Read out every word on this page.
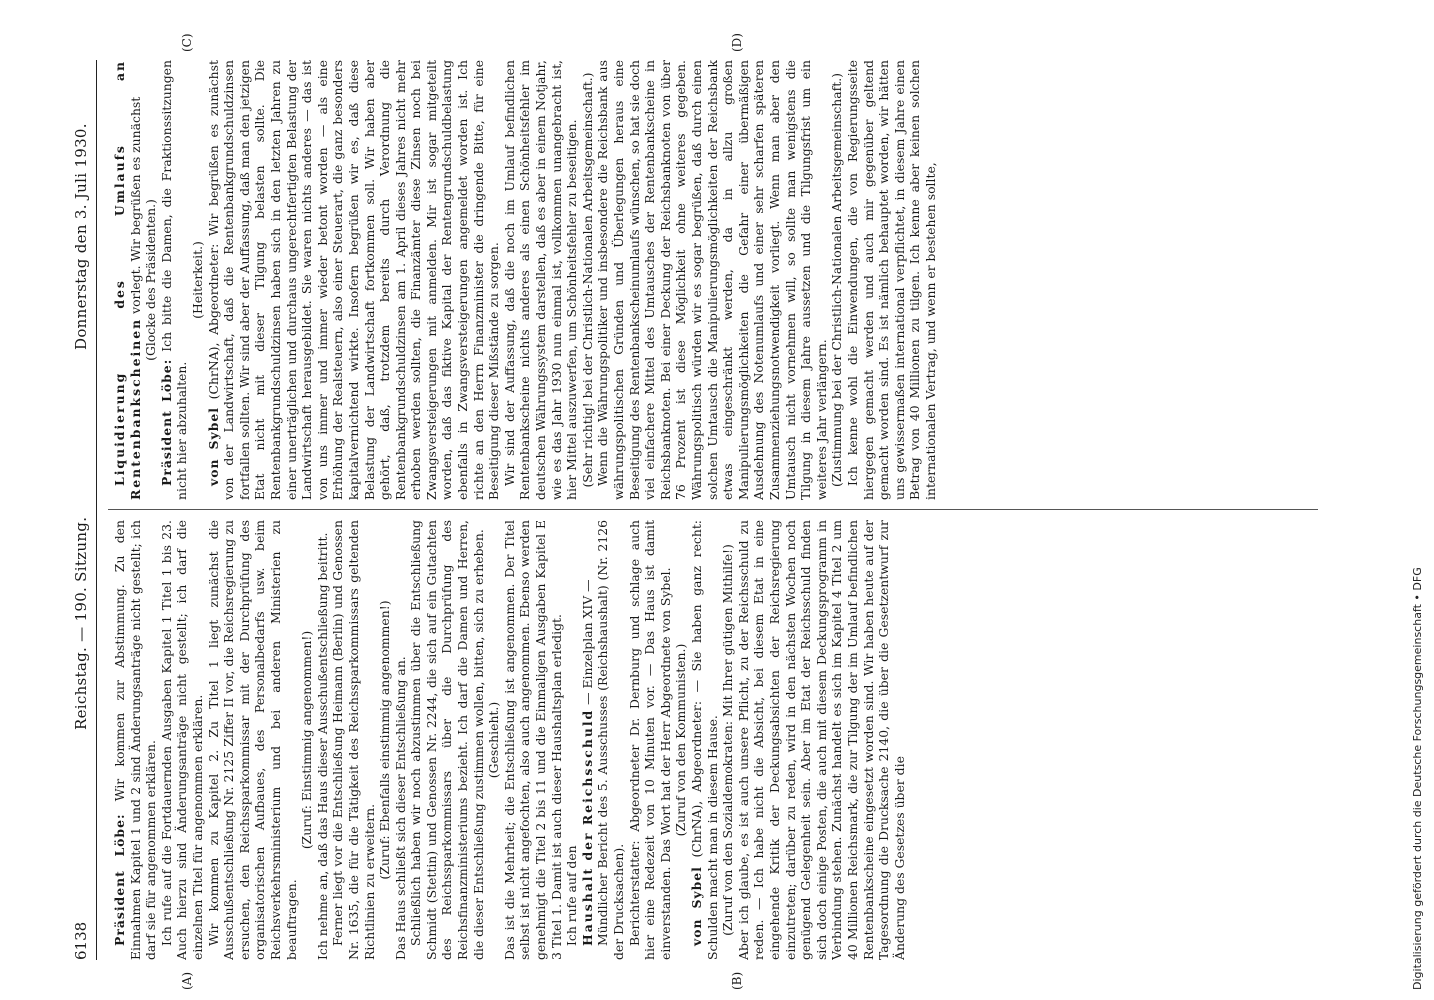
6138
Reichstag. — 190. Sitzung.
Donnerstag den 3. Juli 1930.
(A)	(B)
(C)	(D)

Präsident Löbe: Wir kommen zur Abstimmung. Zu den Einnahmen Kapitel 1 und 2 sind Änderungsanträge nicht gestellt; ich darf sie für angenommen erklären. Ich rufe auf die Fortdauernden Ausgaben Kapitel 1 Titel 1 bis 23. Auch hierzu sind Änderungsanträge nicht gestellt; ich darf die einzelnen Titel für angenommen erklären. Wir kommen zu Kapitel 2. Zu Titel 1 liegt zunächst die Ausschußentschließung Nr. 2125 Ziffer II vor, die Reichsregierung zu ersuchen, den Reichssparkommissar mit der Durchprüfung des organisatorischen Aufbaues, des Personalbedarfs usw. beim Reichsverkehrsministerium und bei anderen Ministerien zu beauftragen.

(Zuruf: Einstimmig angenommen!) Ich nehme an, daß das Haus dieser Ausschußentschließung beitritt. Ferner liegt vor die Entschließung Heimann (Berlin) und Genossen Nr. 1635, die für die Tätigkeit des Reichssparkommissars geltenden Richtlinien zu erweitern.

(Zuruf: Ebenfalls einstimmig angenommen!) Das Haus schließt sich dieser Entschließung an. Schließlich haben wir noch abzustimmen über die Entschließung Schmidt (Stettin) und Genossen Nr. 2244, die sich auf ein Gutachten des Reichssparkommissars über die Durchprüfung des Reichsfinanzministeriums bezieht. Ich darf die Damen und Herren, die dieser Entschließung zustimmen wollen, bitten, sich zu erheben. (Geschieht.) Das ist die Mehrheit; die Entschließung ist angenommen. Der Titel selbst ist nicht angefochten, also auch angenommen. Ebenso werden genehmigt die Titel 2 bis 11 und die Einmaligen Ausgaben Kapitel E 3 Titel 1. Damit ist auch dieser Haushaltsplan erledigt. Ich rufe auf den Haushalt der Reichsschuld — Einzelplan XIV — Mündlicher Bericht des 5. Ausschusses (Reichshaushalt) (Nr. 2126 der Drucksachen). Berichterstatter: Abgeordneter Dr. Dernburg und schlage auch hier eine Redezeit von 10 Minuten vor. — Das Haus ist damit einverstanden. Das Wort hat der Herr Abgeordnete von Sybel. (Zuruf von den Kommunisten.)

von Sybel (ChrNA), Abgeordneter: — Sie haben ganz recht: Schulden macht man in diesem Hause. (Zuruf von den Sozialdemokraten: Mit Ihrer gütigen Mithilfe!) Aber ich glaube, es ist auch unsere Pflicht, zu der Reichsschuld zu reden. — Ich habe nicht die Absicht, bei diesem Etat in eine eingehende Kritik der Deckungsabsichten der Reichsregierung einzutreten; darüber zu reden, wird in den nächsten Wochen noch genügend Gelegenheit sein. Aber im Etat der Reichsschuld finden sich doch einige Posten, die auch mit diesem Deckungsprogramm in Verbindung stehen. Zunächst handelt es sich im Kapitel 4 Titel 2 um 40 Millionen Reichsmark, die zur Tilgung der im Umlauf befindlichen Rentenbankscheine eingesetzt worden sind. Wir haben heute auf der Tagesordnung die Drucksache 2140, die über die Gesetzentwurf zur Änderung des Gesetzes über die

Liquidierung des Umlaufs an Rentenbankscheinen vorlegt. Wir begrüßen es zunächst (Glocke des Präsidenten.)

Präsident Löbe: Ich bitte die Damen, die Fraktionssitzungen nicht hier abzuhalten.

(Heiterkeit.)

von Sybel (ChrNA), Abgeordneter: Wir begrüßen es zunächst von der Landwirtschaft, daß die Rentenbankgrundschuldzinsen fortfallen sollten. Wir sind aber der Auffassung, daß man den jetzigen Etat nicht mit dieser Tilgung belasten sollte. Die Rentenbankgrundschuldzinsen haben sich in den letzten Jahren zu einer unerträglichen und durchaus ungerechtfertigten Belastung der Landwirtschaft herausgebildet. Sie waren nichts anderes — das ist von uns immer und immer wieder betont worden — als eine Erhöhung der Realsteuern, also einer Steuerart, die ganz besonders kapitalvernichtend wirkte. Insofern begrüßen wir es, daß diese Belastung der Landwirtschaft fortkommen soll. Wir haben aber gehört, daß, trotzdem bereits durch Verordnung die Rentenbankgrundschuldzinsen am 1. April dieses Jahres nicht mehr erhoben werden sollten, die Finanzämter diese Zinsen noch bei Zwangsversteigerungen mit anmelden. Mir ist sogar mitgeteilt worden, daß das fiktive Kapital der Rentengrundschuldbelastung ebenfalls in Zwangsversteigerungen angemeldet worden ist. Ich richte an den Herrn Finanzminister die dringende Bitte, für eine Beseitigung dieser Mißstände zu sorgen. Wir sind der Auffassung, daß die noch im Umlauf befindlichen Rentenbankscheine nichts anderes als einen Schönheitsfehler im deutschen Währungssystem darstellen, daß es aber in einem Notjahr, wie es das Jahr 1930 nun einmal ist, vollkommen unangebracht ist, hier Mittel auszuwerfen, um Schönheitsfehler zu beseitigen. (Sehr richtig! bei der Christlich-Nationalen Arbeitsgemeinschaft.) Wenn die Währungspolitiker und insbesondere die Reichsbank aus währungspolitischen Gründen und Überlegungen heraus eine Beseitigung des Rentenbankscheinumlaufs wünschen, so hat sie doch viel einfachere Mittel des Umtausches der Rentenbankscheine in Reichsbanknoten. Bei einer Deckung der Reichsbanknoten von über 76 Prozent ist diese Möglichkeit ohne weiteres gegeben. Währungspolitisch würden wir es sogar begrüßen, daß durch einen solchen Umtausch die Manipulierungsmöglichkeiten der Reichsbank etwas eingeschränkt werden, da in allzu großen Manipulierungsmöglichkeiten die Gefahr einer übermäßigen Ausdehnung des Notenumlaufs und einer sehr scharfen späteren Zusammenziehungsnotwendigkeit vorliegt. Wenn man aber den Umtausch nicht vornehmen will, so sollte man wenigstens die Tilgung in diesem Jahre aussetzen und die Tilgungsfrist um ein weiteres Jahr verlängern. (Zustimmung bei der Christlich-Nationalen Arbeitsgemeinschaft.) Ich kenne wohl die Einwendungen, die von Regierungsseite hiergegen gemacht werden und auch mir gegenüber geltend gemacht worden sind. Es ist nämlich behauptet worden, wir hätten uns gewissermaßen international verpflichtet, in diesem Jahre einen Betrag von 40 Millionen zu tilgen. Ich kenne aber keinen solchen internationalen Vertrag, und wenn er bestehen sollte,

Digitalisierung gefördert durch die Deutsche Forschungsgemeinschaft • DFG
